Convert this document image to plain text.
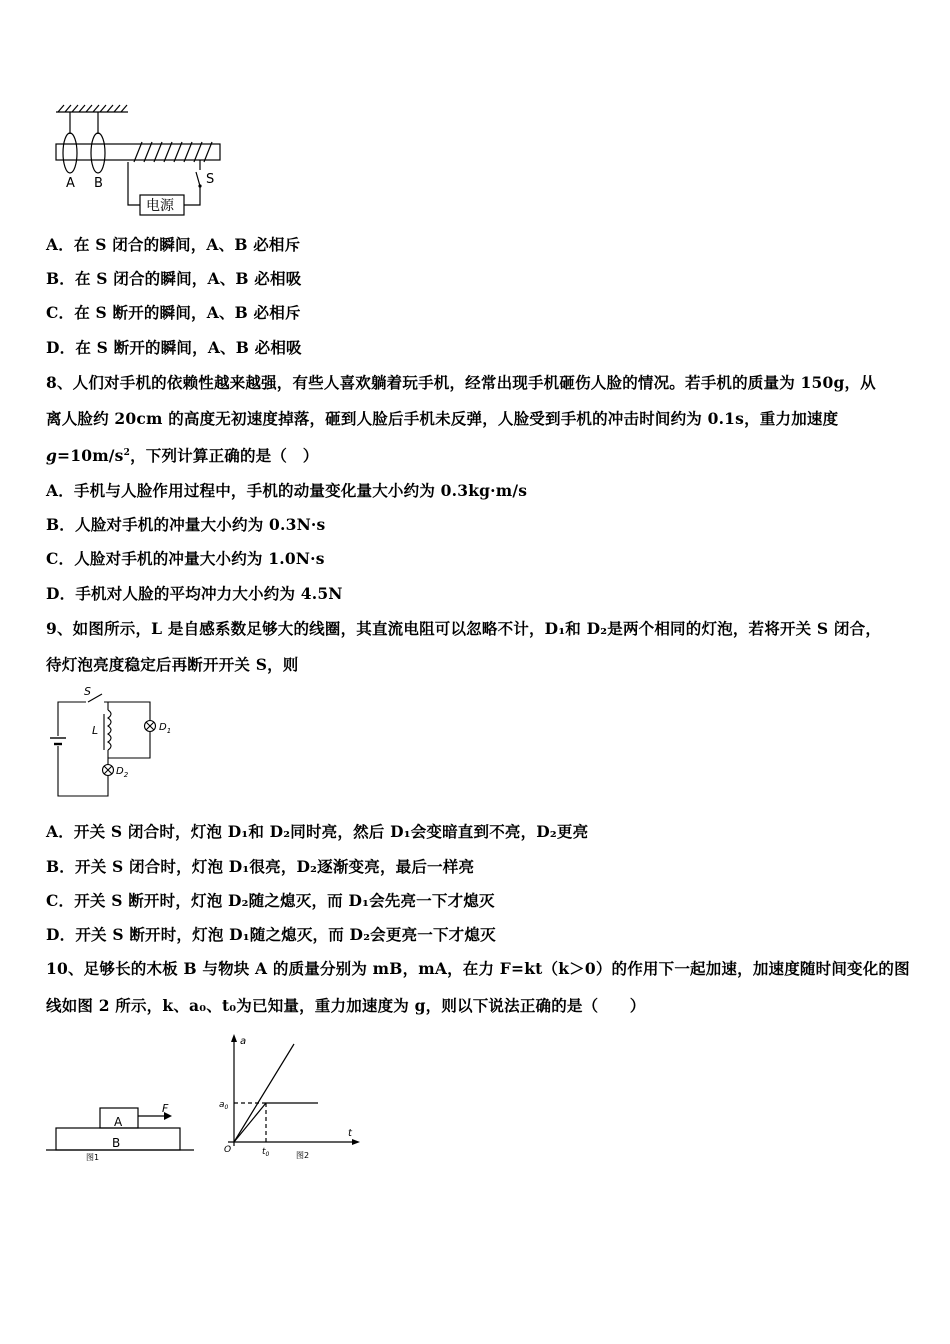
A B	S
电源
A．在 S 闭合的瞬间，A、B 必相斥
B．在 S 闭合的瞬间，A、B 必相吸
C．在 S 断开的瞬间，A、B 必相斥
D．在 S 断开的瞬间，A、B 必相吸
8、人们对手机的依赖性越来越强，有些人喜欢躺着玩手机，经常出现手机砸伤人脸的情况。若手机的质量为 150g，从
离人脸约 20cm 的高度无初速度掉落，砸到人脸后手机未反弹，人脸受到手机的冲击时间约为 0.1s，重力加速度
$g=10m/s^2$，下列计算正确的是（　）
A．手机与人脸作用过程中，手机的动量变化量大小约为 0.3kg·m/s
B．人脸对手机的冲量大小约为 0.3N·s
C．人脸对手机的冲量大小约为 1.0N·s
D．手机对人脸的平均冲力大小约为 4.5N
9、如图所示，L 是自感系数足够大的线圈，其直流电阻可以忽略不计，D₁和 D₂是两个相同的灯泡，若将开关 S 闭合，
待灯泡亮度稳定后再断开开关 S，则
S
L	$D_1$
$D_2$
A．开关 S 闭合时，灯泡 D₁和 D₂同时亮，然后 D₁会变暗直到不亮，D₂更亮
B．开关 S 闭合时，灯泡 D₁很亮，D₂逐渐变亮，最后一样亮
C．开关 S 断开时，灯泡 D₂随之熄灭，而 D₁会先亮一下才熄灭
D．开关 S 断开时，灯泡 D₁随之熄灭，而 D₂会更亮一下才熄灭
10、足够长的木板 B 与物块 A 的质量分别为 mB，mA，在力 F=kt（k＞0）的作用下一起加速，加速度随时间变化的图
线如图 2 所示，k、a₀、t₀为已知量，重力加速度为 g，则以下说法正确的是（　　）
A
B
F
图1
a
$a_0$
O
t
$t_0$	图2
